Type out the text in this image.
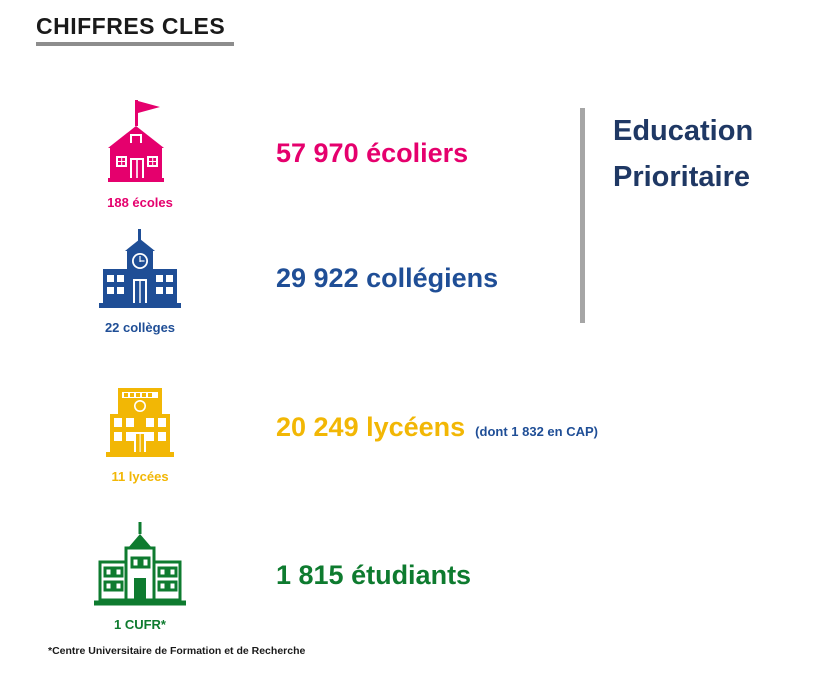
CHIFFRES CLES
188 écoles
57 970 écoliers
22 collèges
29 922 collégiens
11 lycées
20 249 lycéens (dont 1 832 en CAP)
1 CUFR*
1 815 étudiants
Education
Prioritaire
*Centre Universitaire de Formation et de Recherche
